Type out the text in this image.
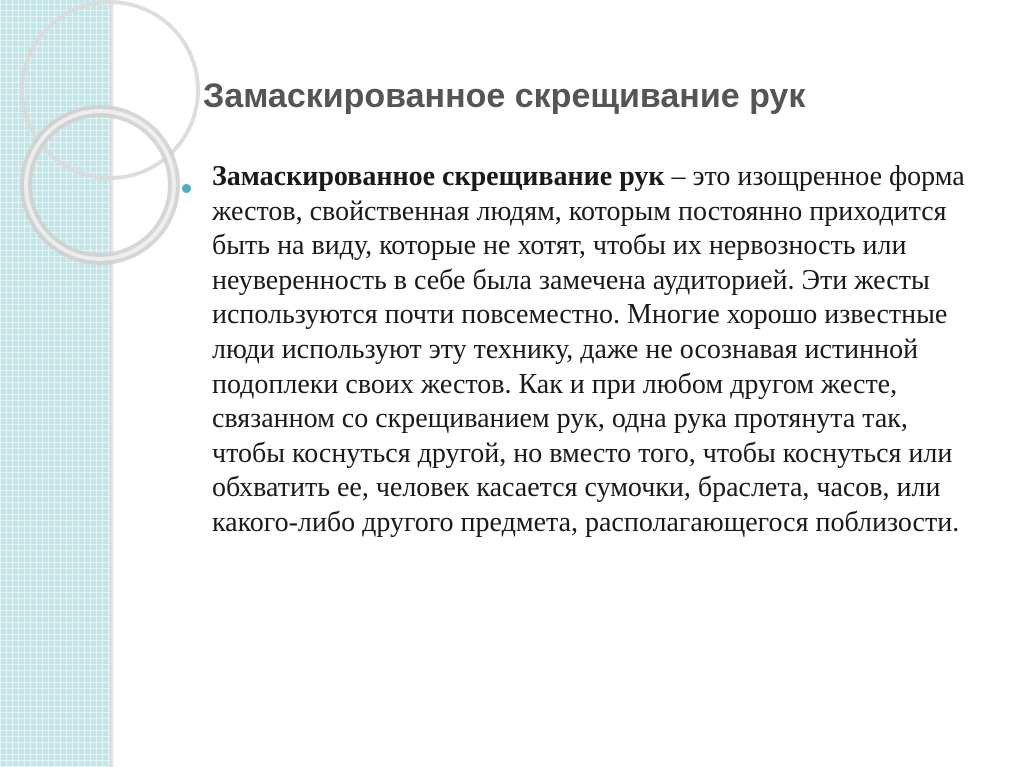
Замаскированное скрещивание рук

Замаскированное скрещивание рук – это изощренное форма жестов, свойственная людям, которым постоянно приходится быть на виду, которые не хотят, чтобы их нервозность или неуверенность в себе была замечена аудиторией. Эти жесты используются почти повсеместно. Многие хорошо известные люди используют эту технику, даже не осознавая истинной подоплеки своих жестов. Как и при любом другом жесте, связанном со скрещиванием рук, одна рука протянута так, чтобы коснуться другой, но вместо того, чтобы коснуться или обхватить ее, человек касается сумочки, браслета, часов, или какого-либо другого предмета, располагающегося поблизости.
